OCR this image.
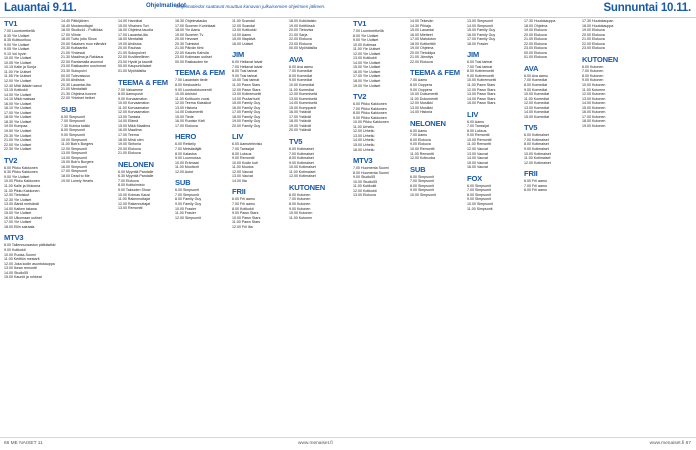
Lauantai 9.11.	Ohjelmatiedot
Ohjelmatiedot saattavat muuttua kanavan julkaisemien ohjelmien jälkeen.	Sunnuntai 10.11.
TV1
7.00 Luontoretkellä
8.30 Yle Uutiset
8.35 Kulttuurikuu
9.00 Yle Uutiset
9.05 Yle Uutiset
9.10 Voi hyvin
10.00 Yle Uutiset
10.05 Yle Uutiset
10.15 Kalle ja Sonja
11.00 Yle Uutiset
11.55 Yle Uutiset
12.00 Yle Uutiset
12.40 Mitä lääkäri sanoi
13.15 Kotikokit
14.00 Yle Uutiset
14.10 Mikä maksaa
16.00 Yle Uutiset
16.10 Yle Uutiset
17.00 Yle Uutiset
18.00 Yle Uutiset
18.30 Yle Uutiset
19.00 Kumpaa
19.50 Yle Uutiset
20.30 Yle Uutiset
21.00 Yle Uutiset
22.00 Yle Uutiset
22.30 Yle Uutiset
TV2
6.00 Pikku Kakkonen
6.30 Pikku Kakkonen
9.00 Yle Uutiset
10.00 Pikku Kakkonen
11.00 Kalle ja Mokoma
11.30 Pikku Kakkonen
12.00 Tietoiskut
12.30 Yle Uutiset
13.00 Ääniä metsästä
14.00 Kaiken takana
15.00 Yle Uutiset
16.00 Ulkomaan uutiset
17.00 Yle Uutiset
18.00 Ellin sairaala
MTV3
8.00 Tallennuosaston pätkäwikki
9.00 Kotikokit
10.00 Ruoka-Suomi
11.00 Keittiön mestarit
12.00 Joka kodin asuntokauppa
13.00 Ikean remontti
14.00 Studio55
15.00 Kauniit ja rohkeat
14.40 Pätkijäinen
16.40 Mustanottajat
18.00 Studio44 - Politiikka
17.00 Viihde
18.00 Tuttu juttu Show
20.00 Salaisen mun elämäni
20.30 Kuttaantta
21.00 Yhdessä
21.30 Maailma ja Rakkaus
22.00 Rantamalla asunnot
23.00 Rakkauden uusimmat
23.30 Sukupolvi
00.00 Tulevaisuus
20.00 Ahdistus
20.30 Lauantai-ilta
21.00 Mentalistit
21.30 Ohjelma tuonne
22.00 Yhteiset hetket
SUB
6.00 Simpsonit
7.00 Simpsonit
7.30 Kuinka kaikki
8.00 Simpsonit
9.00 Simpsonit
10.00 Simpsonit
11.00 Bob's Burgers
12.00 Simpsonit
13.00 Simpsonit
14.00 Simpsonit
15.00 Bob's Burgers
16.00 Simpsonit
17.00 Simpsonit
18.00 Dead to Me
19.00 Lonely Hearts
14.00 Hannibal
15.00 Vihainen Tori
16.00 Ohjelma tauolla
17.00 Lauantai-ilta
18.00 Mentalisti
19.00 Ahdistus
20.00 Rauhaa
21.00 Sukupolvet
22.00 Kuvitteellinen
23.00 Hyvät ja kauniit
00.00 Kaupunkilaiset
01.00 Myöhäisilta
TEEMA & FEM
7.00 Valoamme
8.00 Aamuposti
9.00 Korvaamaton
10.00 Korvaamaton
11.00 Korvaamaton
12.00 Korvaamaton
13.00 Tanssia
14.00 Elämä
15.00 Mikä Maailma
16.00 Maailma
17.00 Teema
18.00 Minä olen
19.00 Sinfonia
20.00 Elokuva
21.00 Elokuva
NELONEN
6.00 Myyntiä Pandalle
6.30 Myyntiä Pandalle
7.00 Elokuva
8.00 Kotitoimisto
9.00 Talouden Show
10.00 Kolmas Kausi
11.00 Rakennuttajat
12.00 Rakennuttajat
13.00 Remontti
16.30 Ohjelmatauko
17.00 Suomen Kuninkaat
18.00 Yle Aamu
19.00 Suomen Tv
20.00 Hevoset
20.30 Toimistot
21.00 Päivän tiimi
22.00 Kaunis Kahvila
23.00 Kotimaan uutiset
00.00 Rakkauden tie
TEEMA & FEM
7.00 Lauantain tiede
8.00 Keskustelu
9.00 Luontodokumentti
10.00 Arkistot
11.00 Kulttuurin vuosi
12.00 Teema Klassikot
13.00 Historia
14.00 Dokumentti
15.00 Tiede
16.00 Ruotsin Kieli
17.00 Elokuva
HERO
6.00 Retkeily
7.00 Metsästäjät
8.00 Kalastus
9.00 Luonnossa
10.00 Erämaat
11.00 Moottorit
12.00 Autot
SUB
6.00 Simpsonit
7.00 Simpsonit
8.00 Family Guy
9.00 Family Guy
10.00 Frasier
11.00 Frasier
12.00 Simpsonit
11.00 Scandal
12.00 Scandal
13.00 Kotikokki
14.00 Aamu
15.00 Iltapäivä
16.00 Uutiset
JIM
6.00 Hellavat laivat
7.00 Hellavat laivat
8.00 Tosi tarinat
9.00 Tosi tarinat
10.00 Tosi tarinat
11.00 Pawn Stars
12.00 Pawn Stars
13.00 Kotiremontti
14.00 Puutarhurit
15.00 Family Guy
16.00 Family Guy
17.00 Family Guy
18.00 Family Guy
19.00 Family Guy
20.00 Family Guy
LIV
6.00 Aamutelevisio
7.00 Tanssijat
8.00 Luksus
9.00 Remontti
10.00 Kodin koti
11.00 Muutos
12.00 Vauvat
13.00 Vauvat
14.00 Ilta
FRII
6.00 Frii aamu
7.00 Frii aamu
8.00 Kotikokit
9.00 Pawn Stars
10.00 Pawn Stars
11.00 Pawn Stars
12.00 Frii ilta
18.00 Kokkitaisto
19.00 Keittiössä
20.00 Tietovisa
21.00 Sarja
22.00 Elokuva
23.00 Elokuva
00.00 Myöhäisilta
AVA
6.00 Ava aamu
7.00 Komediat
8.00 Komediat
9.00 Komediat
10.00 Komediat
11.00 Komediat
12.00 Kummisetä
13.00 Kummisetä
14.00 Kummisetä
15.00 Kumppanit
16.00 Ystävät
17.00 Ystävät
18.00 Ystävät
19.00 Ystävät
20.00 Ystävät
TV5
6.00 Kotimaiset
7.00 Kotimaiset
8.00 Kotimaiset
9.00 Kotimaiset
10.00 Kotimaiset
11.00 Kotimaiset
12.00 Kotimaiset
KUTONEN
6.00 Kutonen
7.00 Kutonen
8.00 Kutonen
9.00 Kutonen
10.00 Kutonen
11.00 Kutonen
TV1
7.00 Luontoretkellä
8.00 Yle Uutiset
9.00 Yle Uutiset
10.00 Kotimaa
11.00 Yle Uutiset
12.00 Yle Uutiset
13.00 Kotikokit
14.00 Yle Uutiset
15.00 Yle Uutiset
16.00 Yle Uutiset
17.00 Yle Uutiset
18.00 Yle Uutiset
19.00 Yle Uutiset
TV2
6.00 Pikku Kakkonen
7.00 Pikku Kakkonen
8.00 Pikku Kakkonen
9.00 Pikku Kakkonen
10.00 Pikku Kakkonen
11.00 Urheilu
12.00 Urheilu
13.00 Urheilu
14.00 Urheilu
15.00 Urheilu
16.00 Urheilu
MTV3
7.00 Huomenta Suomi
8.00 Huomenta Suomi
9.00 Studio55
10.00 Studio55
11.00 Kotikokit
12.00 Kotikokit
13.00 Elokuva
14.00 Tekevän
14.30 Pihlaja
15.00 Lauantai
16.00 Mietteet
17.00 Mahdoton
18.00 Kotikeittiö
19.00 Ohjelma
20.00 Tietokilpa
21.00 Jännitys
22.00 Elokuva
TEEMA & FEM
7.00 Aamu
8.00 Ooppera
9.00 Ooppera
10.00 Dokumentti
11.00 Dokumentti
12.00 Musiikki
13.00 Musiikki
14.00 Historia
NELONEN
6.00 Aamu
7.00 Aamu
8.00 Elokuva
9.00 Elokuva
10.00 Remontti
11.00 Remontti
12.00 Kotiruoka
SUB
6.00 Simpsonit
7.00 Simpsonit
8.00 Simpsonit
9.00 Simpsonit
10.00 Simpsonit
13.00 Simpsonit
14.00 Simpsonit
15.00 Family Guy
16.00 Family Guy
17.00 Family Guy
18.00 Frasier
JIM
6.00 Tosi tarinat
7.00 Tosi tarinat
8.00 Kotiremontti
9.00 Kotiremontti
10.00 Kotiremontti
11.00 Pawn Stars
12.00 Pawn Stars
13.00 Pawn Stars
14.00 Pawn Stars
15.00 Pawn Stars
LIV
6.00 Aamu
7.00 Tanssijat
8.00 Luksus
9.00 Remontti
10.00 Remontti
11.00 Remontti
12.00 Vauvat
13.00 Vauvat
14.00 Vauvat
15.00 Vauvat
16.00 Vauvat
FOX
6.00 Simpsonit
7.00 Simpsonit
8.00 Simpsonit
9.00 Simpsonit
10.00 Simpsonit
11.00 Simpsonit
17.30 Huutokauppa
18.00 Ohjelma
19.00 Elokuva
20.00 Elokuva
21.00 Elokuva
22.00 Elokuva
23.00 Elokuva
00.00 Elokuva
01.00 Elokuva
AVA
6.00 Ava aamu
7.00 Komediat
8.00 Komediat
9.00 Komediat
10.00 Komediat
11.00 Komediat
12.00 Komediat
13.00 Komediat
14.00 Komediat
15.00 Komediat
TV5
6.00 Kotimaiset
7.00 Kotimaiset
8.00 Kotimaiset
9.00 Kotimaiset
10.00 Kotimaiset
11.00 Kotimaiset
12.00 Kotimaiset
FRII
6.00 Frii aamu
7.00 Frii aamu
8.00 Frii aamu
17.30 Huutokaupan
18.00 Huutokauppa
19.00 Elokuva
20.00 Elokuva
21.00 Elokuva
22.00 Elokuva
23.00 Elokuva
KUTONEN
6.00 Kutonen
7.00 Kutonen
8.00 Kutonen
9.00 Kutonen
10.00 Kutonen
11.00 Kutonen
12.00 Kutonen
13.00 Kutonen
14.00 Kutonen
15.00 Kutonen
16.00 Kutonen
17.00 Kutonen
18.00 Kutonen
19.00 Kutonen
66 ME NAISET 11	www.menaiset.fi	www.menaiset.fi 67
